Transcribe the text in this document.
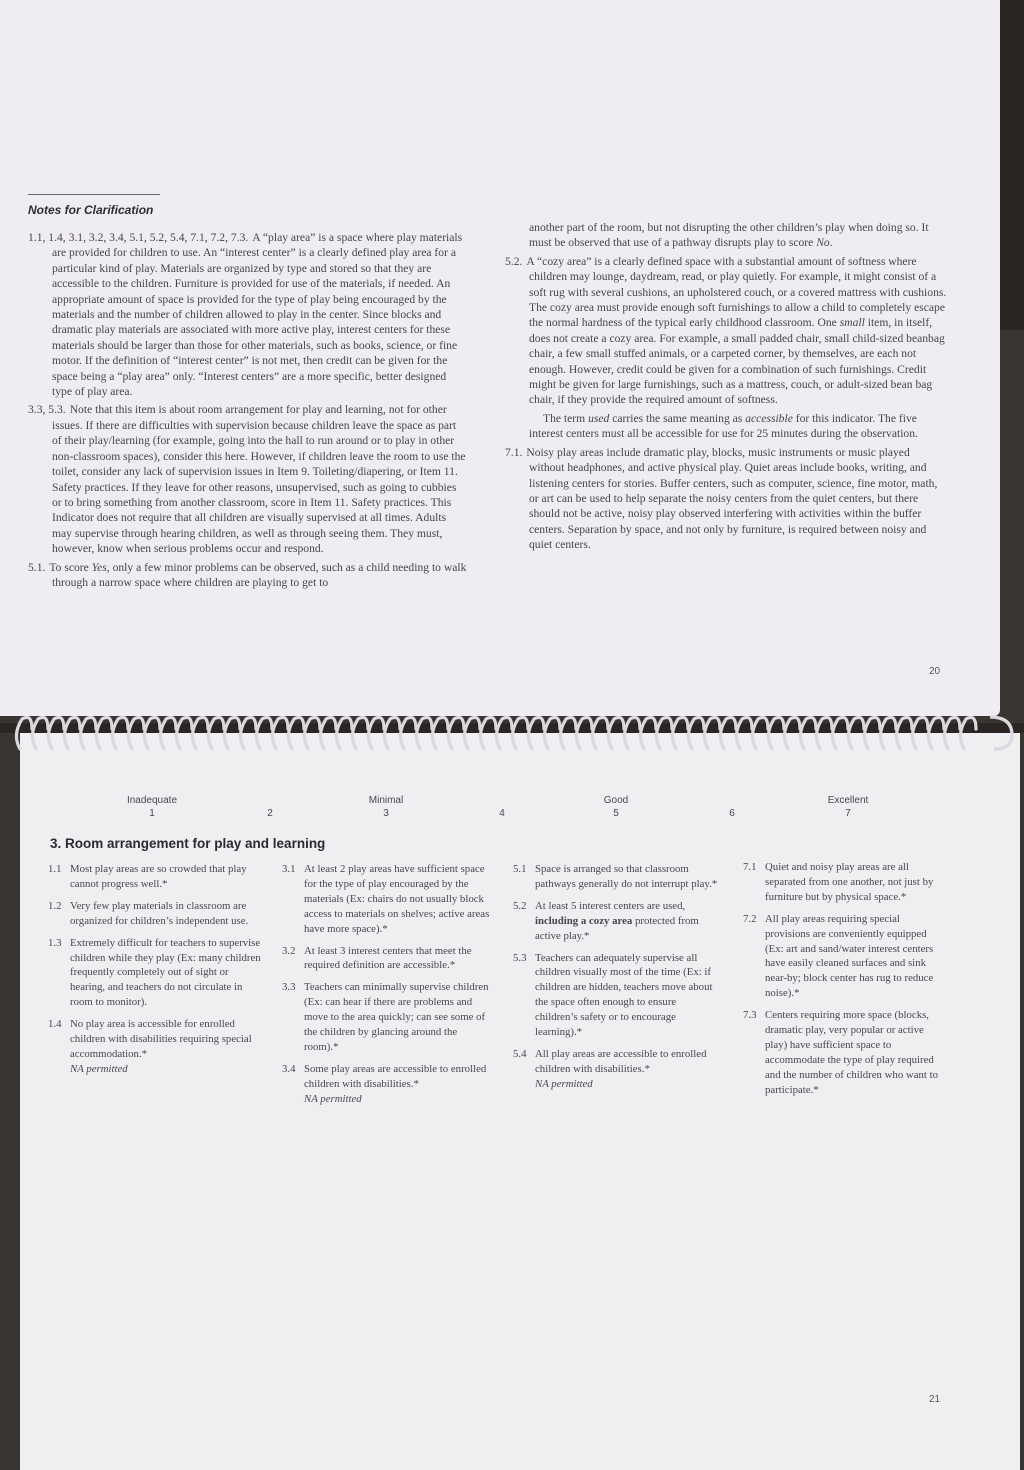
Notes for Clarification

1.1, 1.4, 3.1, 3.2, 3.4, 5.1, 5.2, 5.4, 7.1, 7.2, 7.3. A “play area” is a space where play materials are provided for children to use. An “interest center” is a clearly defined play area for a particular kind of play. Materials are organized by type and stored so that they are accessible to the children. Furniture is provided for use of the materials, if needed. An appropriate amount of space is provided for the type of play being encouraged by the materials and the number of children allowed to play in the center. Since blocks and dramatic play materials are associated with more active play, interest centers for these materials should be larger than those for other materials, such as books, science, or fine motor. If the definition of “interest center” is not met, then credit can be given for the space being a “play area” only. “Interest centers” are a more specific, better designed type of play area.

3.3, 5.3. Note that this item is about room arrangement for play and learning, not for other issues. If there are difficulties with supervision because children leave the space as part of their play/learning (for example, going into the hall to run around or to play in other non-classroom spaces), consider this here. However, if children leave the room to use the toilet, consider any lack of supervision issues in Item 9. Toileting/diapering, or Item 11. Safety practices. If they leave for other reasons, unsupervised, such as going to cubbies or to bring something from another classroom, score in Item 11. Safety practices. This Indicator does not require that all children are visually supervised at all times. Adults may supervise through hearing children, as well as through seeing them. They must, however, know when serious problems occur and respond.

5.1. To score Yes, only a few minor problems can be observed, such as a child needing to walk through a narrow space where children are playing to get to

another part of the room, but not disrupting the other children’s play when doing so. It must be observed that use of a pathway disrupts play to score No.

5.2. A “cozy area” is a clearly defined space with a substantial amount of softness where children may lounge, daydream, read, or play quietly. For example, it might consist of a soft rug with several cushions, an upholstered couch, or a covered mattress with cushions. The cozy area must provide enough soft furnishings to allow a child to completely escape the normal hardness of the typical early childhood classroom. One small item, in itself, does not create a cozy area. For example, a small padded chair, small child-sized beanbag chair, a few small stuffed animals, or a carpeted corner, by themselves, are each not enough. However, credit could be given for a combination of such furnishings. Credit might be given for large furnishings, such as a mattress, couch, or adult-sized bean bag chair, if they provide the required amount of softness.

The term used carries the same meaning as accessible for this indicator. The five interest centers must all be accessible for use for 25 minutes during the observation.

7.1. Noisy play areas include dramatic play, blocks, music instruments or music played without headphones, and active physical play. Quiet areas include books, writing, and listening centers for stories. Buffer centers, such as computer, science, fine motor, math, or art can be used to help separate the noisy centers from the quiet centers, but there should not be active, noisy play observed interfering with activities within the buffer centers. Separation by space, and not only by furniture, is required between noisy and quiet centers.

20
Inadequate	Minimal	Good	Excellent
1	2	3	4	5	6	7
3. Room arrangement for play and learning

1.1 Most play areas are so crowded that play cannot progress well.*

1.2 Very few play materials in classroom are organized for children’s independent use.

1.3 Extremely difficult for teachers to supervise children while they play (Ex: many children frequently completely out of sight or hearing, and teachers do not circulate in room to monitor).

1.4 No play area is accessible for enrolled children with disabilities requiring special accommodation.*
NA permitted

3.1 At least 2 play areas have sufficient space for the type of play encouraged by the materials (Ex: chairs do not usually block access to materials on shelves; active areas have more space).*

3.2 At least 3 interest centers that meet the required definition are accessible.*

3.3 Teachers can minimally supervise children (Ex: can hear if there are problems and move to the area quickly; can see some of the children by glancing around the room).*

3.4 Some play areas are accessible to enrolled children with disabilities.*
NA permitted

5.1 Space is arranged so that classroom pathways generally do not interrupt play.*

5.2 At least 5 interest centers are used, including a cozy area protected from active play.*

5.3 Teachers can adequately supervise all children visually most of the time (Ex: if children are hidden, teachers move about the space often enough to ensure children’s safety or to encourage learning).*

5.4 All play areas are accessible to enrolled children with disabilities.*
NA permitted

7.1 Quiet and noisy play areas are all separated from one another, not just by furniture but by physical space.*

7.2 All play areas requiring special provisions are conveniently equipped (Ex: art and sand/water interest centers have easily cleaned surfaces and sink near-by; block center has rug to reduce noise).*

7.3 Centers requiring more space (blocks, dramatic play, very popular or active play) have sufficient space to accommodate the type of play required and the number of children who want to participate.*

21
